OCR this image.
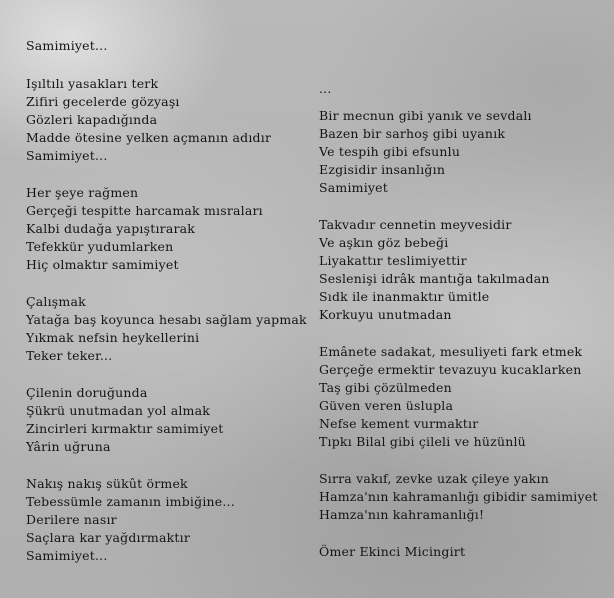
Samimiyet...
Işıltılı yasakları terk
Zifiri gecelerde gözyaşı
Gözleri kapadığında
Madde ötesine yelken açmanın adıdır
Samimiyet...
Her şeye rağmen
Gerçeği tespitte harcamak mısraları
Kalbi dudağa yapıştırarak
Tefekkür yudumlarken
Hiç olmaktır samimiyet
Çalışmak
Yatağa baş koyunca hesabı sağlam yapmak
Yıkmak nefsin heykellerini
Teker teker...
Çilenin doruğunda
Şükrü unutmadan yol almak
Zincirleri kırmaktır samimiyet
Yârin uğruna
Nakış nakış sükût örmek
Tebessümle zamanın imbiğine...
Derilere nasır
Saçlara kar yağdırmaktır
Samimiyet...
...
Bir mecnun gibi yanık ve sevdalı
Bazen bir sarhoş gibi uyanık
Ve tespih gibi efsunlu
Ezgisidir insanlığın
Samimiyet
Takvadır cennetin meyvesidir
Ve aşkın göz bebeği
Liyakattır teslimiyettir
Seslenişi idrâk mantığa takılmadan
Sıdk ile inanmaktır ümitle
Korkuyu unutmadan
Emânete sadakat, mesuliyeti fark etmek
Gerçeğe ermektir tevazuyu kucaklarken
Taş gibi çözülmeden
Güven veren üslupla
Nefse kement vurmaktır
Tıpkı Bilal gibi çileli ve hüzünlü
Sırra vakıf, zevke uzak çileye yakın
Hamza'nın kahramanlığı gibidir samimiyet
Hamza'nın kahramanlığı!
Ömer Ekinci Micingirt
